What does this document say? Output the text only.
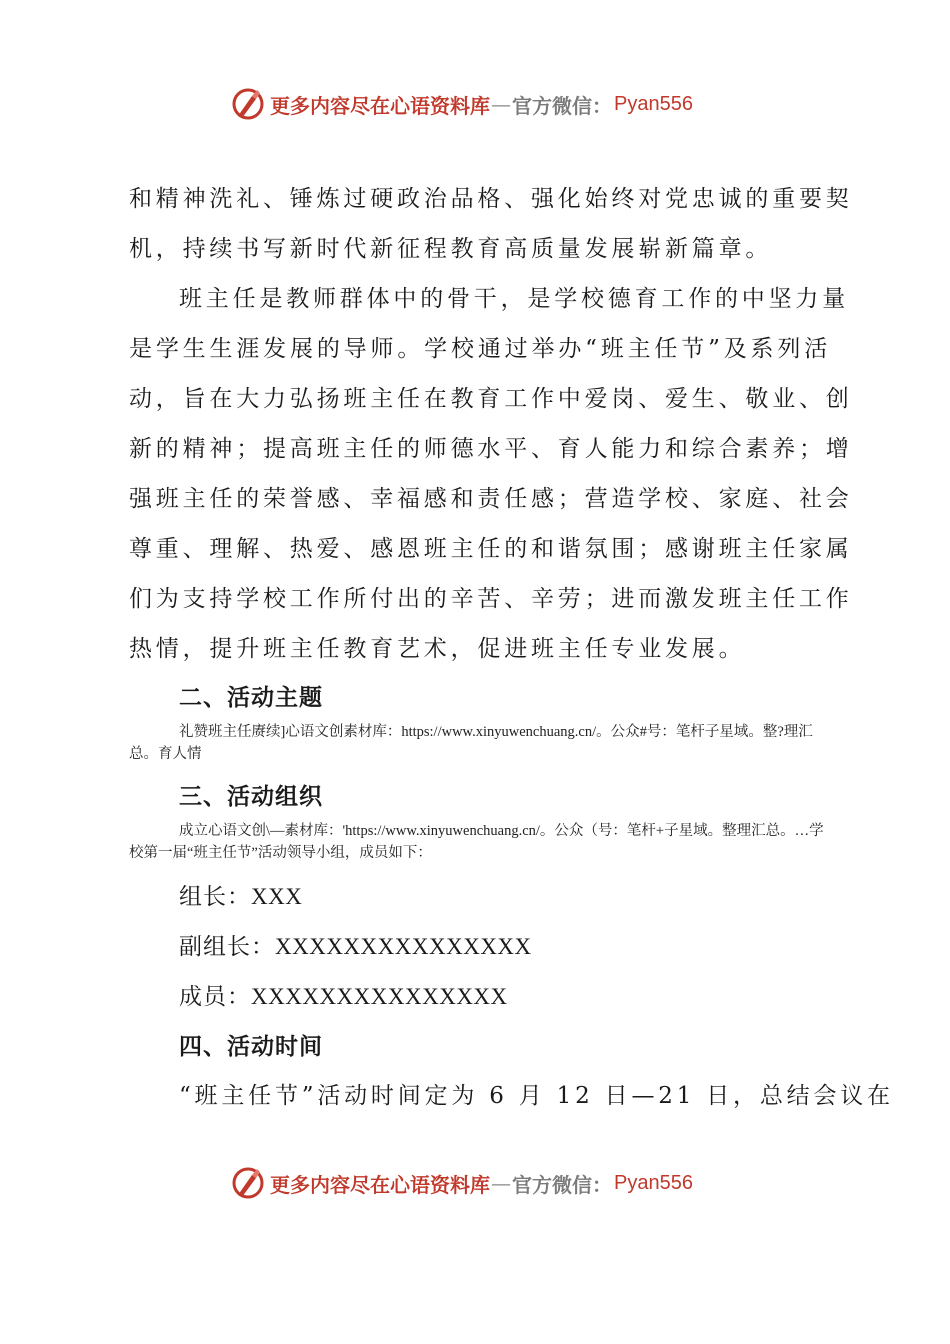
更多内容尽在心语资料库 — 官方微信： Pyan556
和精神洗礼、锤炼过硬政治品格、强化始终对党忠诚的重要契
机，持续书写新时代新征程教育高质量发展崭新篇章。
班主任是教师群体中的骨干，是学校德育工作的中坚力量
是学生生涯发展的导师。学校通过举办“班主任节”及系列活
动，旨在大力弘扬班主任在教育工作中爱岗、爱生、敬业、创
新的精神；提高班主任的师德水平、育人能力和综合素养；增
强班主任的荣誉感、幸福感和责任感；营造学校、家庭、社会
尊重、理解、热爱、感恩班主任的和谐氛围；感谢班主任家属
们为支持学校工作所付出的辛苦、辛劳；进而激发班主任工作
热情，提升班主任教育艺术，促进班主任专业发展。
二、活动主题

礼赞班主任赓续]心语文创素材库：https://www.xinyuwenchuang.cn/。公众#号：笔杆子星域。整?理汇总。育人情

三、活动组织

成立心语文创\—素材库：'https://www.xinyuwenchuang.cn/。公众（号：笔杆+子星域。整理汇总。…学校第一届“班主任节”活动领导小组，成员如下：

组长：XXX
副组长：XXXXXXXXXXXXXXX
成员：XXXXXXXXXXXXXXX
四、活动时间
“班主任节”活动时间定为 6 月 12 日—21 日，总结会议在
更多内容尽在心语资料库 — 官方微信： Pyan556
